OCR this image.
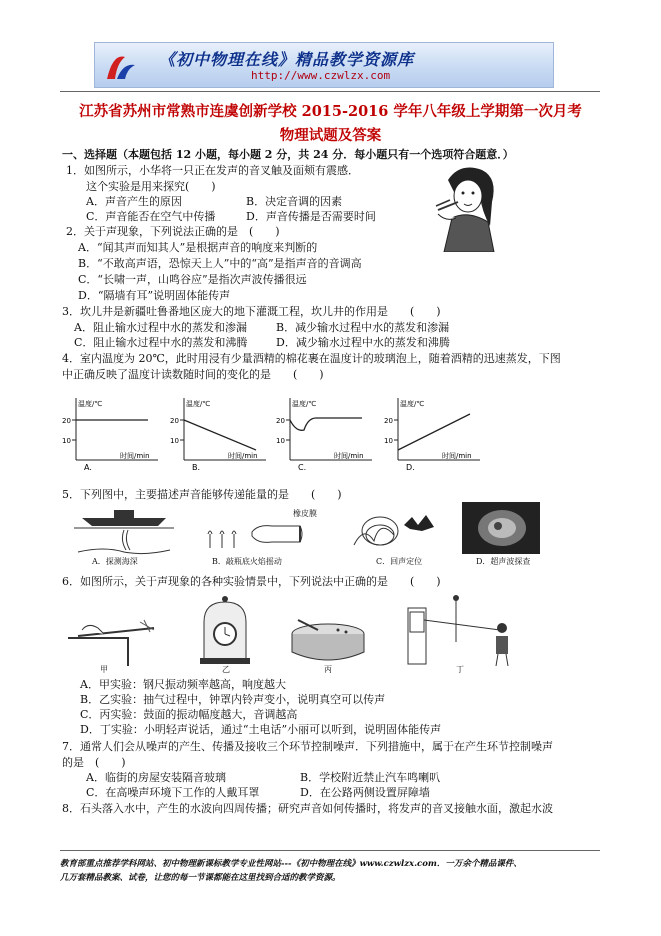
《初中物理在线》精品教学资源库
http://www.czwlzx.com
江苏省苏州市常熟市连虞创新学校 2015-2016 学年八年级上学期第一次月考
物理试题及答案
一、选择题（本题包括 12 小题，每小题 2 分，共 24 分．每小题只有一个选项符合题意．）
1．如图所示，小华将一只正在发声的音叉触及面颊有震感．
这个实验是用来探究(　　)
A．声音产生的原因	B．决定音调的因素
C．声音能否在空气中传播	D．声音传播是否需要时间
2．关于声现象，下列说法正确的是　(　　)
A．“闻其声而知其人”是根据声音的响度来判断的
B．“不敢高声语，恐惊天上人”中的“高”是指声音的音调高
C．“长啸一声，山鸣谷应”是指次声波传播很远
D．“隔墙有耳”说明固体能传声
3．坎儿井是新疆吐鲁番地区庞大的地下灌溉工程，坎儿井的作用是　　(　　)
A．阻止输水过程中水的蒸发和渗漏	B．减少输水过程中水的蒸发和渗漏
C．阻止输水过程中水的蒸发和沸腾	D．减少输水过程中水的蒸发和沸腾
4．室内温度为 20℃，此时用浸有少量酒精的棉花裹在温度计的玻璃泡上，随着酒精的迅速蒸发，下图
中正确反映了温度计读数随时间的变化的是　　(　　)
温度/℃
20
10
时间/min
A.
温度/℃
20
10
时间/min
B.
温度/℃
20
10
时间/min
C.
温度/℃
20
10
时间/min
D.
5．下列图中，主要描述声音能够传递能量的是　　(　　)
橡皮膜
A．探测海深	B．敲瓶底火焰摇动	C．回声定位	D．超声波探查
6．如图所示，关于声现象的各种实验情景中，下列说法中正确的是　　(　　)
甲	乙	丙	丁
A．甲实验：钢尺振动频率越高，响度越大
B．乙实验：抽气过程中，钟罩内铃声变小，说明真空可以传声
C．丙实验：鼓面的振动幅度越大，音调越高
D．丁实验：小明轻声说话，通过“土电话”小丽可以听到，说明固体能传声
7．通常人们会从噪声的产生、传播及接收三个环节控制噪声．下列措施中，属于在产生环节控制噪声
的是　(　　)
A．临街的房屋安装隔音玻璃	B．学校附近禁止汽车鸣喇叭
C．在高噪声环境下工作的人戴耳罩	D．在公路两侧设置屏障墙
8．石头落入水中，产生的水波向四周传播；研究声音如何传播时，将发声的音叉接触水面，激起水波
教育部重点推荐学科网站、初中物理新课标教学专业性网站---《初中物理在线》www.czwlzx.com．一万余个精品课件、
几万套精品教案、试卷，让您的每一节课都能在这里找到合适的教学资源。
